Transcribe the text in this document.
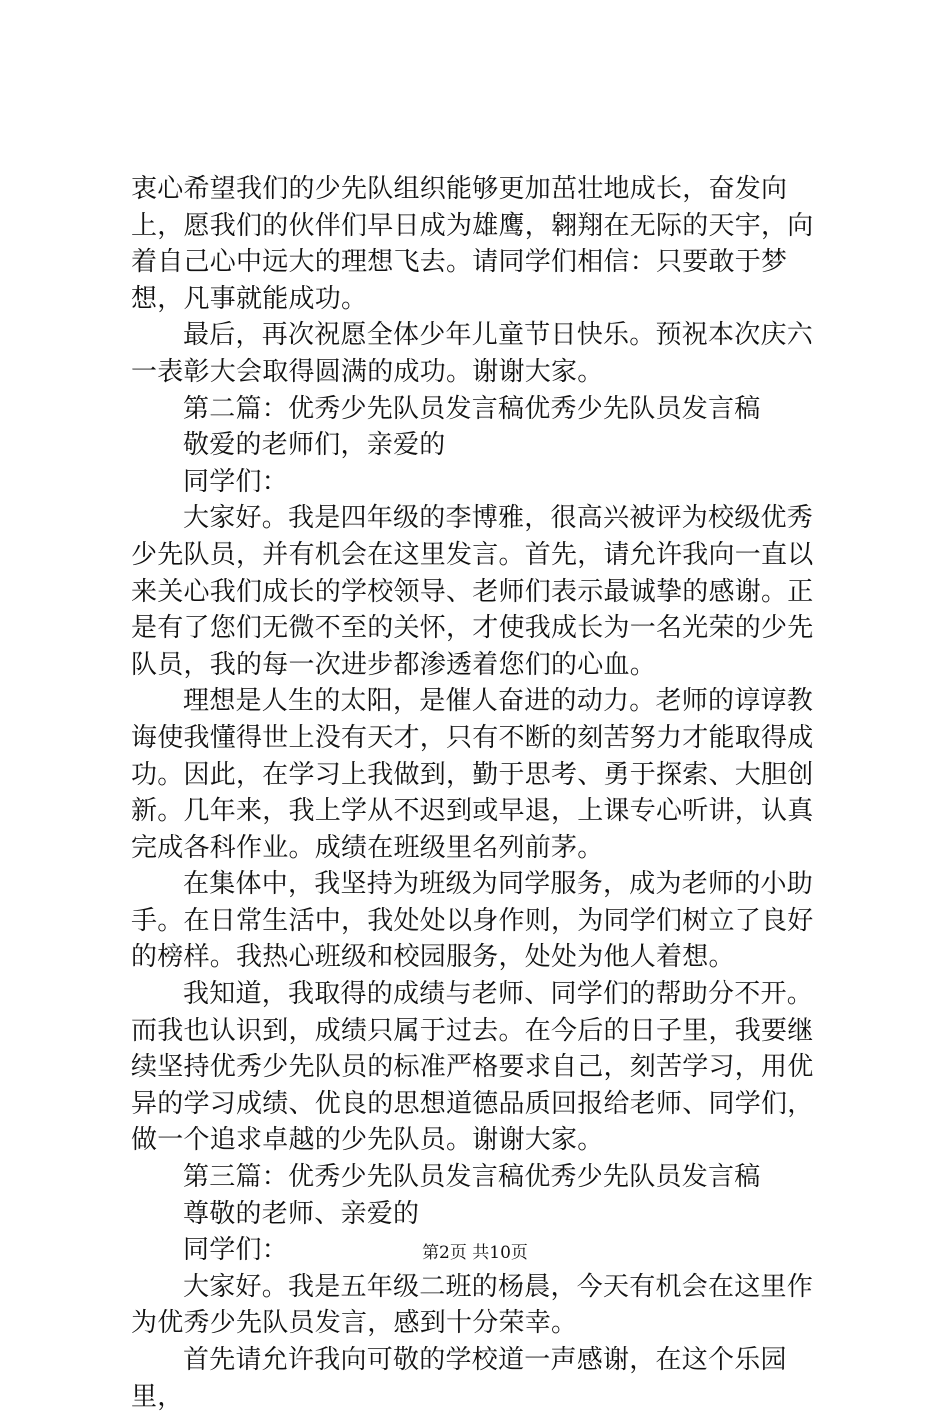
衷心希望我们的少先队组织能够更加茁壮地成长，奋发向上，愿我们的伙伴们早日成为雄鹰，翱翔在无际的天宇，向着自己心中远大的理想飞去。请同学们相信：只要敢于梦想，凡事就能成功。

最后，再次祝愿全体少年儿童节日快乐。预祝本次庆六一表彰大会取得圆满的成功。谢谢大家。

第二篇：优秀少先队员发言稿优秀少先队员发言稿

敬爱的老师们，亲爱的

同学们：

大家好。我是四年级的李博雅，很高兴被评为校级优秀少先队员，并有机会在这里发言。首先，请允许我向一直以来关心我们成长的学校领导、老师们表示最诚挚的感谢。正是有了您们无微不至的关怀，才使我成长为一名光荣的少先队员，我的每一次进步都渗透着您们的心血。

理想是人生的太阳，是催人奋进的动力。老师的谆谆教诲使我懂得世上没有天才，只有不断的刻苦努力才能取得成功。因此，在学习上我做到，勤于思考、勇于探索、大胆创新。几年来，我上学从不迟到或早退，上课专心听讲，认真完成各科作业。成绩在班级里名列前茅。

在集体中，我坚持为班级为同学服务，成为老师的小助手。在日常生活中，我处处以身作则，为同学们树立了良好的榜样。我热心班级和校园服务，处处为他人着想。

我知道，我取得的成绩与老师、同学们的帮助分不开。而我也认识到，成绩只属于过去。在今后的日子里，我要继续坚持优秀少先队员的标准严格要求自己，刻苦学习，用优异的学习成绩、优良的思想道德品质回报给老师、同学们，做一个追求卓越的少先队员。谢谢大家。

第三篇：优秀少先队员发言稿优秀少先队员发言稿

尊敬的老师、亲爱的

同学们：

大家好。我是五年级二班的杨晨，今天有机会在这里作为优秀少先队员发言，感到十分荣幸。

首先请允许我向可敬的学校道一声感谢，在这个乐园里，

第2页 共10页
